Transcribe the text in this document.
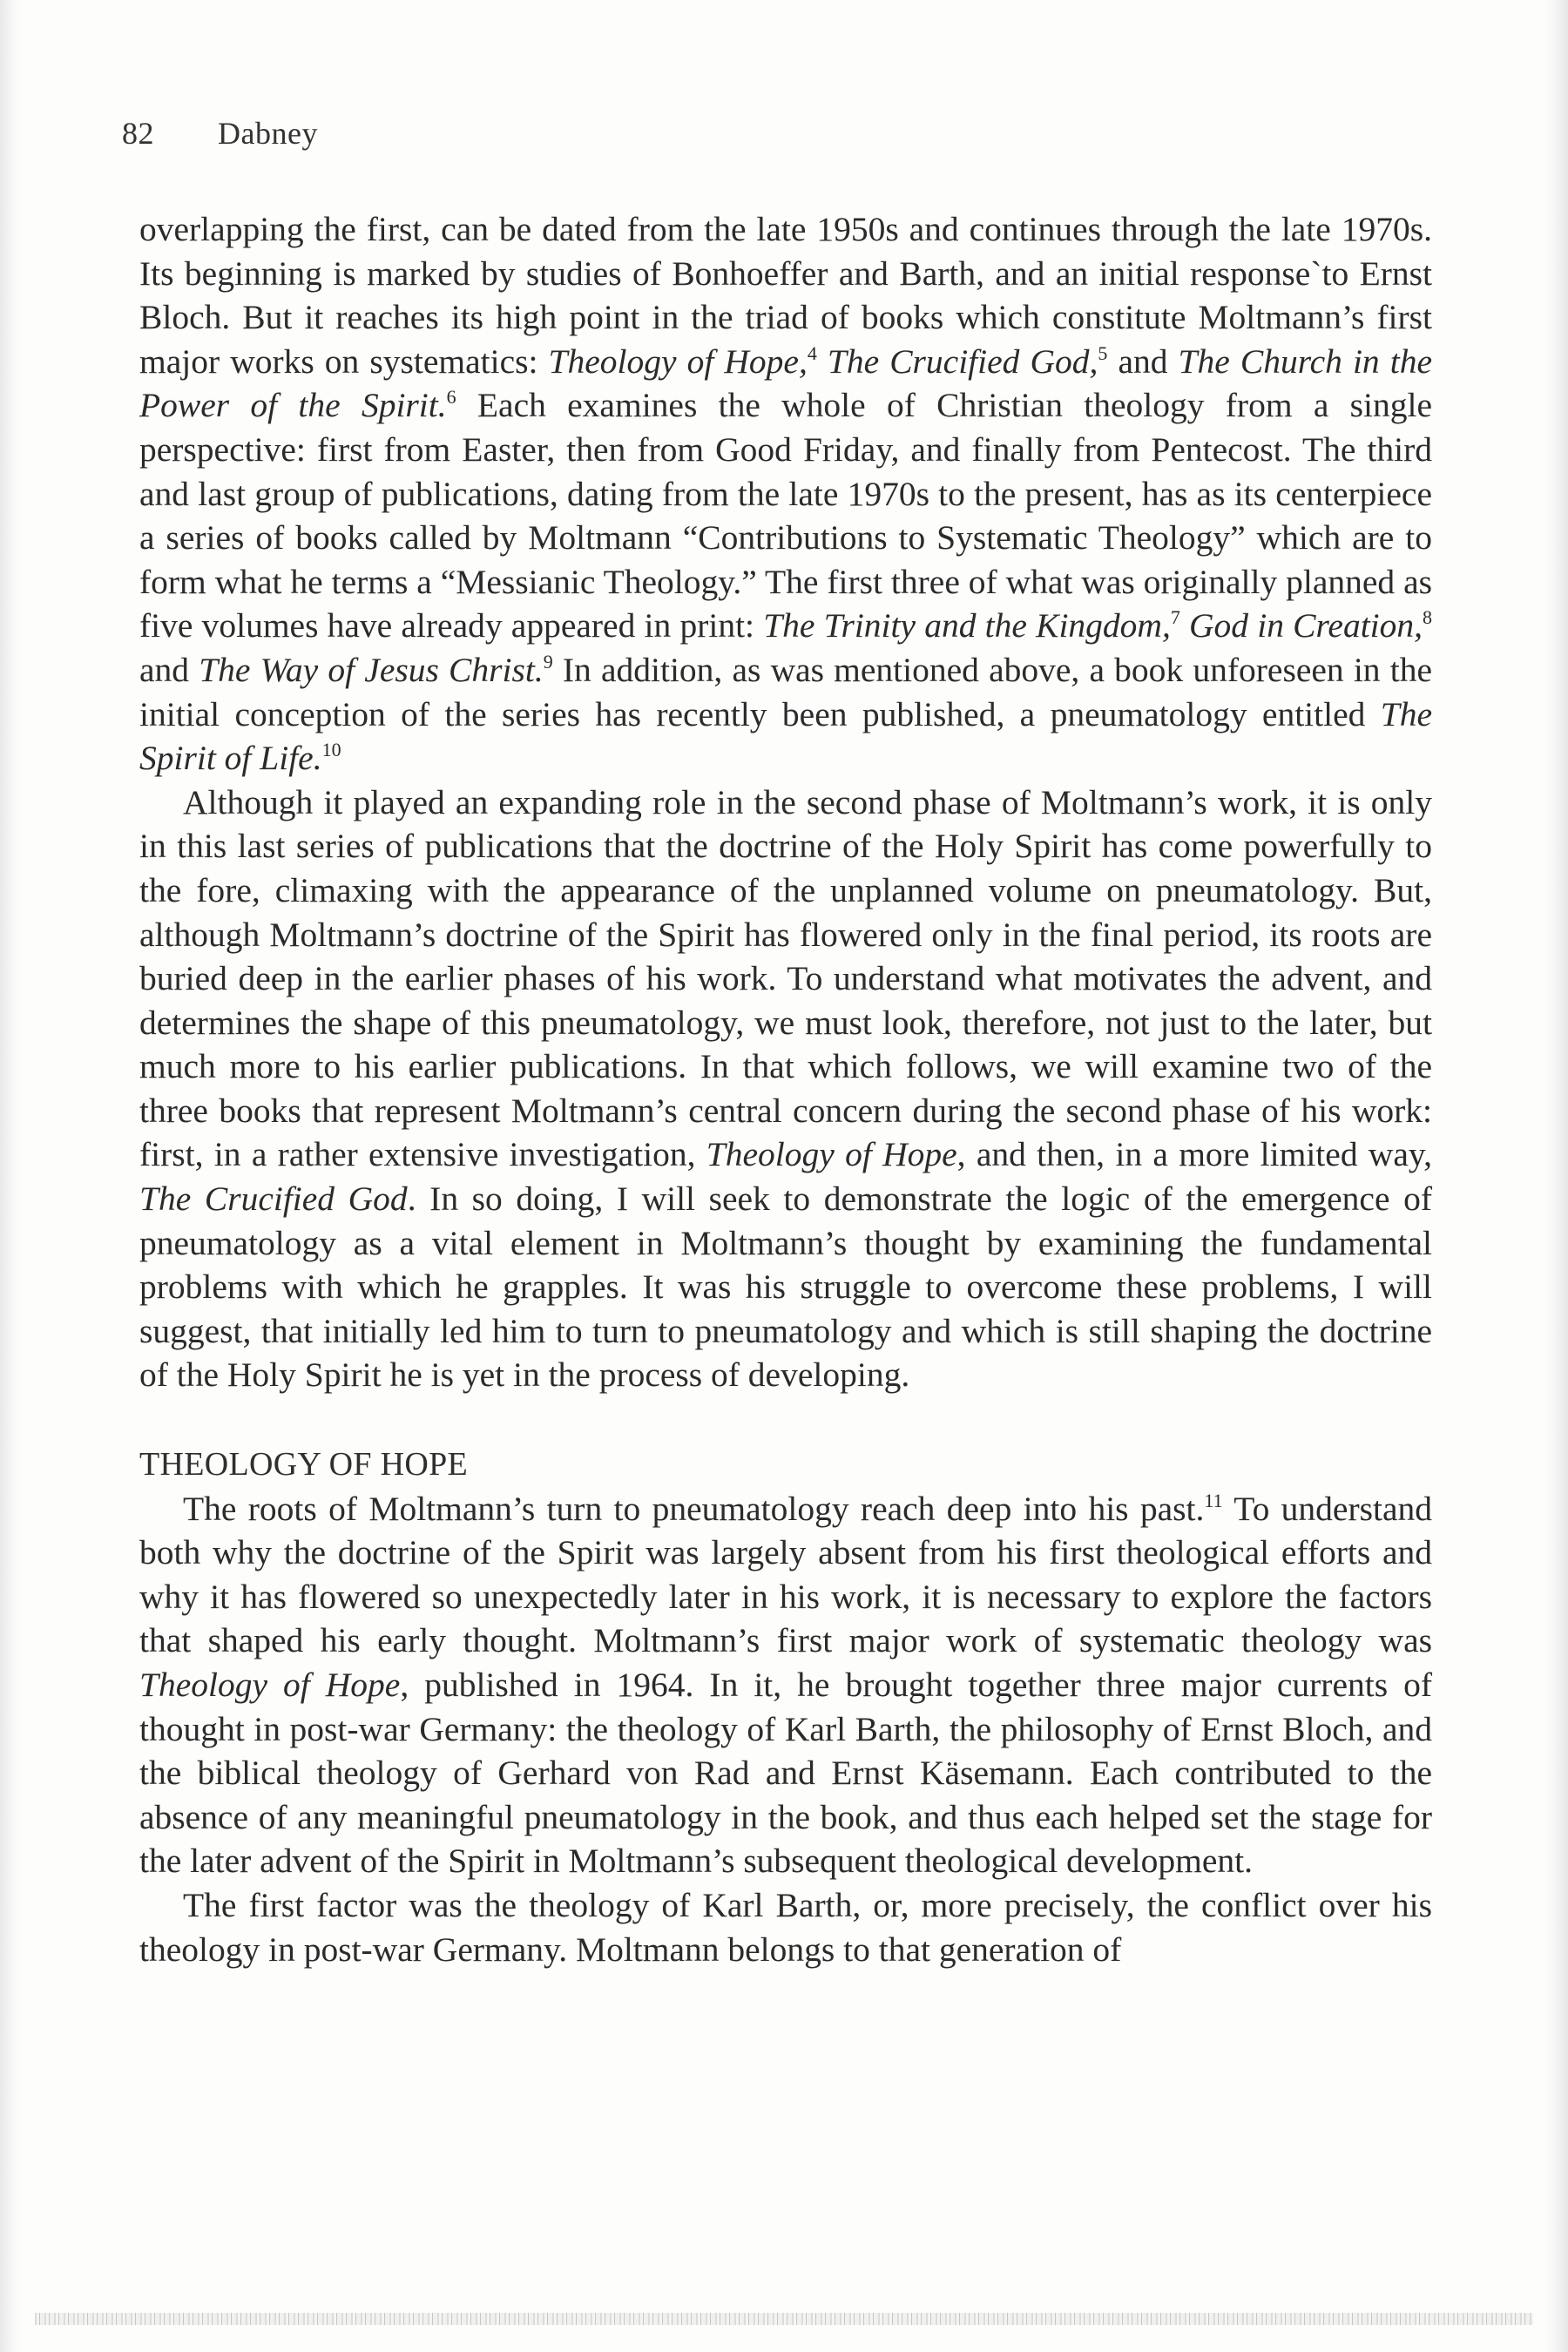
82 Dabney

overlapping the first, can be dated from the late 1950s and continues through the late 1970s. Its beginning is marked by studies of Bonhoeffer and Barth, and an initial response`to Ernst Bloch. But it reaches its high point in the triad of books which constitute Moltmann’s first major works on systematics: Theology of Hope,$^4$ The Crucified God,$^5$ and The Church in the Power of the Spirit.$^6$ Each examines the whole of Christian theology from a single perspective: first from Easter, then from Good Friday, and finally from Pentecost. The third and last group of publications, dating from the late 1970s to the present, has as its centerpiece a series of books called by Moltmann “Contributions to Systematic Theology” which are to form what he terms a “Messianic Theology.” The first three of what was originally planned as five volumes have already appeared in print: The Trinity and the Kingdom,$^7$ God in Creation,$^8$ and The Way of Jesus Christ.$^9$ In addition, as was mentioned above, a book unforeseen in the initial conception of the series has recently been published, a pneumatology entitled The Spirit of Life.$^{10}$

Although it played an expanding role in the second phase of Moltmann’s work, it is only in this last series of publications that the doctrine of the Holy Spirit has come powerfully to the fore, climaxing with the appearance of the unplanned volume on pneumatology. But, although Moltmann’s doctrine of the Spirit has flowered only in the final period, its roots are buried deep in the earlier phases of his work. To understand what motivates the advent, and determines the shape of this pneumatology, we must look, therefore, not just to the later, but much more to his earlier publications. In that which follows, we will examine two of the three books that represent Moltmann’s central concern during the second phase of his work: first, in a rather extensive investigation, Theology of Hope, and then, in a more limited way, The Crucified God. In so doing, I will seek to demonstrate the logic of the emergence of pneumatology as a vital element in Moltmann’s thought by examining the fundamental problems with which he grapples. It was his struggle to overcome these problems, I will suggest, that initially led him to turn to pneumatology and which is still shaping the doctrine of the Holy Spirit he is yet in the process of developing.

THEOLOGY OF HOPE

The roots of Moltmann’s turn to pneumatology reach deep into his past.$^{11}$ To understand both why the doctrine of the Spirit was largely absent from his first theological efforts and why it has flowered so unexpectedly later in his work, it is necessary to explore the factors that shaped his early thought. Moltmann’s first major work of systematic theology was Theology of Hope, published in 1964. In it, he brought together three major currents of thought in post-war Germany: the theology of Karl Barth, the philosophy of Ernst Bloch, and the biblical theology of Gerhard von Rad and Ernst Käsemann. Each contributed to the absence of any meaningful pneumatology in the book, and thus each helped set the stage for the later advent of the Spirit in Moltmann’s subsequent theological development.

The first factor was the theology of Karl Barth, or, more precisely, the conflict over his theology in post-war Germany. Moltmann belongs to that generation of
